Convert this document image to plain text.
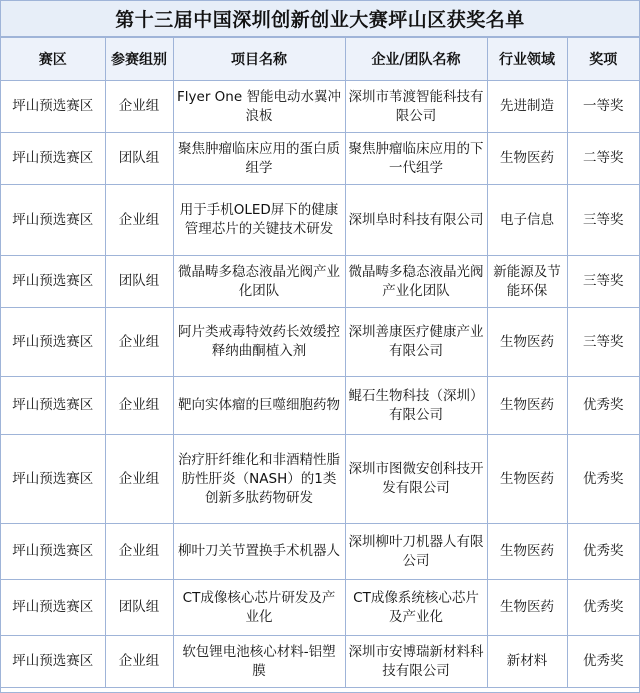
第十三届中国深圳创新创业大赛坪山区获奖名单
赛区	参赛组别	项目名称	企业/团队名称	行业领域	奖项
坪山预选赛区	企业组	Flyer One 智能电动水翼冲浪板	深圳市苇渡智能科技有限公司	先进制造	一等奖
坪山预选赛区	团队组	聚焦肿瘤临床应用的蛋白质组学	聚焦肿瘤临床应用的下一代组学	生物医药	二等奖
坪山预选赛区	企业组	用于手机OLED屏下的健康管理芯片的关键技术研发	深圳阜时科技有限公司	电子信息	三等奖
坪山预选赛区	团队组	微晶畴多稳态液晶光阀产业化团队	微晶畴多稳态液晶光阀产业化团队	新能源及节能环保	三等奖
坪山预选赛区	企业组	阿片类戒毒特效药长效缓控释纳曲酮植入剂	深圳善康医疗健康产业有限公司	生物医药	三等奖
坪山预选赛区	企业组	靶向实体瘤的巨噬细胞药物	鲲石生物科技（深圳）有限公司	生物医药	优秀奖
坪山预选赛区	企业组	治疗肝纤维化和非酒精性脂肪性肝炎（NASH）的1类创新多肽药物研发	深圳市图微安创科技开发有限公司	生物医药	优秀奖
坪山预选赛区	企业组	柳叶刀关节置换手术机器人	深圳柳叶刀机器人有限公司	生物医药	优秀奖
坪山预选赛区	团队组	CT成像核心芯片研发及产业化	CT成像系统核心芯片及产业化	生物医药	优秀奖
坪山预选赛区	企业组	软包锂电池核心材料-铝塑膜	深圳市安博瑞新材料科技有限公司	新材料	优秀奖
